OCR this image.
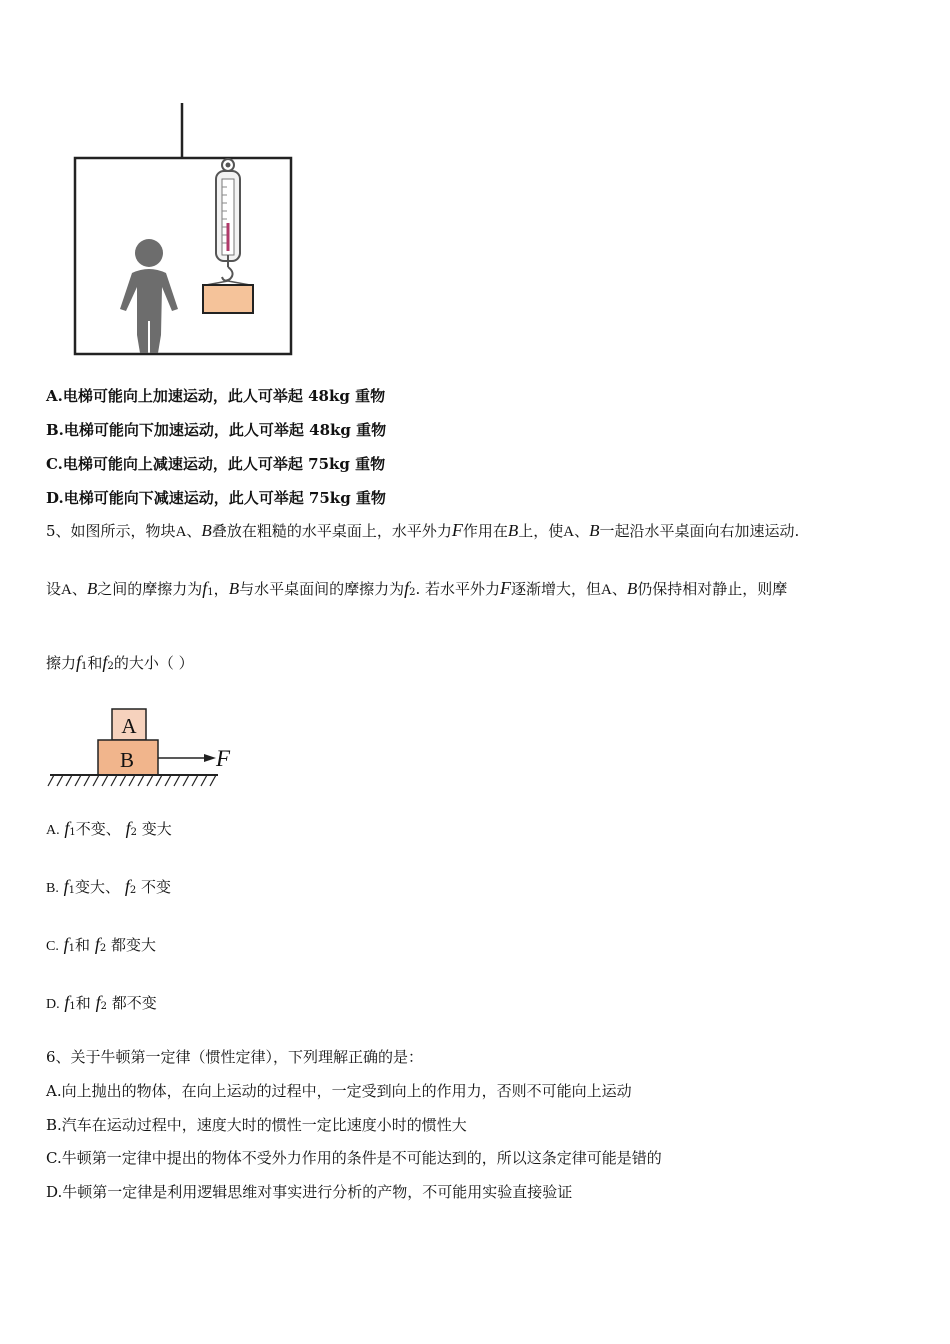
A.电梯可能向上加速运动，此人可举起 48kg 重物
B.电梯可能向下加速运动，此人可举起 48kg 重物
C.电梯可能向上减速运动，此人可举起 75kg 重物
D.电梯可能向下减速运动，此人可举起 75kg 重物
5、如图所示，物块A、B叠放在粗糙的水平桌面上，水平外力F作用在B上，使A、B一起沿水平桌面向右加速运动.
设A、B之间的摩擦力为$f_1$，B与水平桌面间的摩擦力为$f_2$. 若水平外力F逐渐增大，但A、B仍保持相对静止，则摩
擦力$f_1$和$f_2$的大小（ ）
A
B	F
A. $f_1$不变、 $f_2$ 变大
B. $f_1$变大、 $f_2$ 不变
C. $f_1$和 $f_2$ 都变大
D. $f_1$和 $f_2$ 都不变
6、关于牛顿第一定律（惯性定律），下列理解正确的是：
A.向上抛出的物体，在向上运动的过程中，一定受到向上的作用力，否则不可能向上运动
B.汽车在运动过程中，速度大时的惯性一定比速度小时的惯性大
C.牛顿第一定律中提出的物体不受外力作用的条件是不可能达到的，所以这条定律可能是错的
D.牛顿第一定律是利用逻辑思维对事实进行分析的产物，不可能用实验直接验证
